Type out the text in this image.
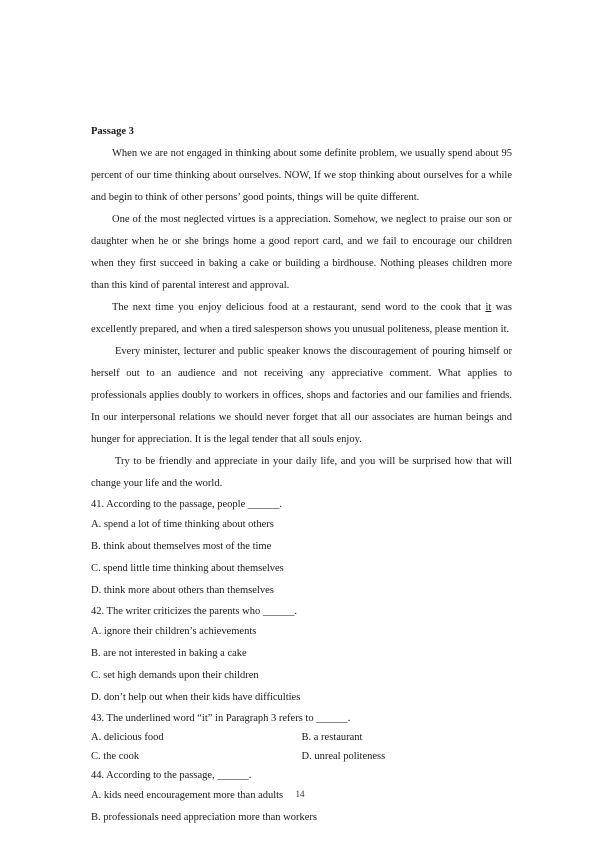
Passage 3

When we are not engaged in thinking about some definite problem, we usually spend about 95 percent of our time thinking about ourselves. NOW, If we stop thinking about ourselves for a while and begin to think of other persons’ good points, things will be quite different.

One of the most neglected virtues is a appreciation. Somehow, we neglect to praise our son or daughter when he or she brings home a good report card, and we fail to encourage our children when they first succeed in baking a cake or building a birdhouse. Nothing pleases children more than this kind of parental interest and approval.

The next time you enjoy delicious food at a restaurant, send word to the cook that it was excellently prepared, and when a tired salesperson shows you unusual politeness, please mention it.

Every minister, lecturer and public speaker knows the discouragement of pouring himself or herself out to an audience and not receiving any appreciative comment. What applies to professionals applies doubly to workers in offices, shops and factories and our families and friends. In our interpersonal relations we should never forget that all our associates are human beings and hunger for appreciation. It is the legal tender that all souls enjoy.

Try to be friendly and appreciate in your daily life, and you will be surprised how that will change your life and the world.

41. According to the passage, people ______.
A. spend a lot of time thinking about others
B. think about themselves most of the time
C. spend little time thinking about themselves
D. think more about others than themselves
42. The writer criticizes the parents who ______.
A. ignore their children’s achievements
B. are not interested in baking a cake
C. set high demands upon their children
D. don’t help out when their kids have difficulties
43. The underlined word “it” in Paragraph 3 refers to ______.
A. delicious food	B. a restaurant
C. the cook	D. unreal politeness
44. According to the passage, ______.
A. kids need encouragement more than adults
B. professionals need appreciation more than workers
14
